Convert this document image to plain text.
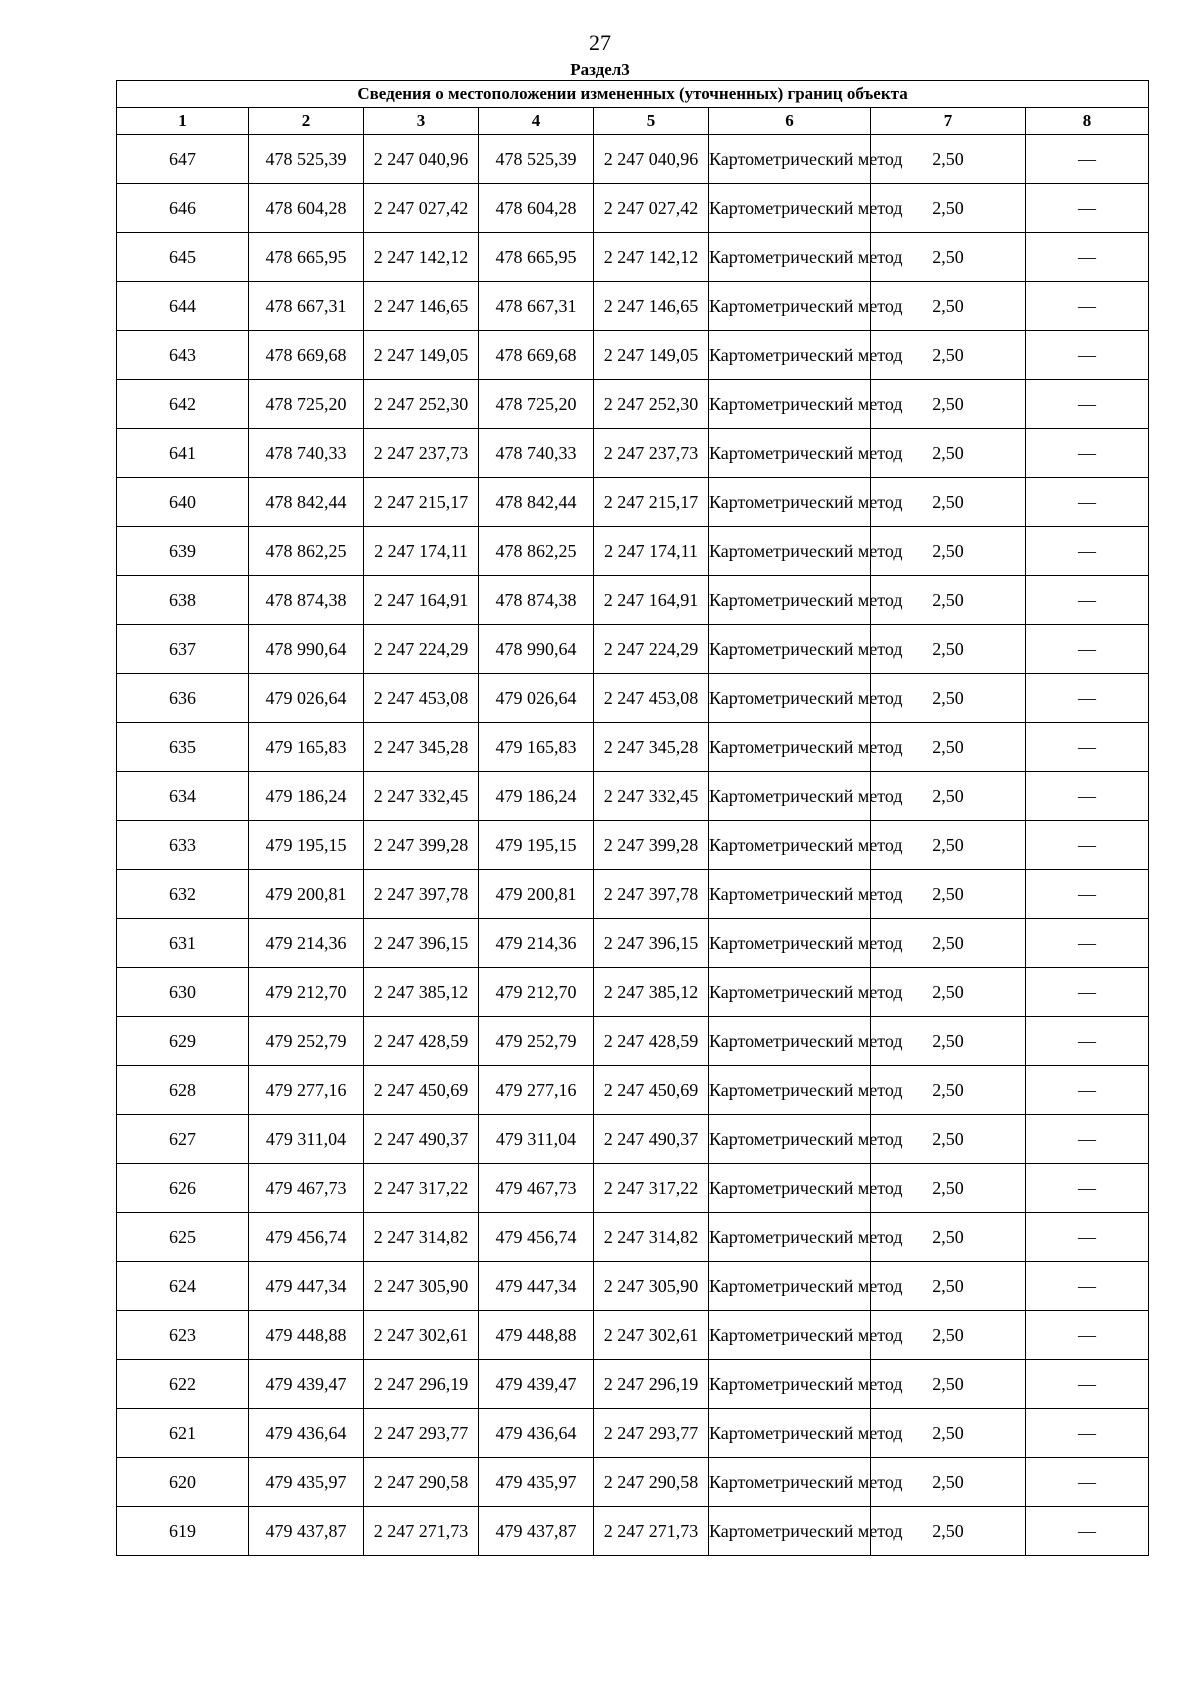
27
Раздел3
Сведения о местоположении измененных (уточненных) границ объекта							
1	2	3	4	5	6	7	8
647	478 525,39	2 247 040,96	478 525,39	2 247 040,96	Картометрический метод	2,50	—
646	478 604,28	2 247 027,42	478 604,28	2 247 027,42	Картометрический метод	2,50	—
645	478 665,95	2 247 142,12	478 665,95	2 247 142,12	Картометрический метод	2,50	—
644	478 667,31	2 247 146,65	478 667,31	2 247 146,65	Картометрический метод	2,50	—
643	478 669,68	2 247 149,05	478 669,68	2 247 149,05	Картометрический метод	2,50	—
642	478 725,20	2 247 252,30	478 725,20	2 247 252,30	Картометрический метод	2,50	—
641	478 740,33	2 247 237,73	478 740,33	2 247 237,73	Картометрический метод	2,50	—
640	478 842,44	2 247 215,17	478 842,44	2 247 215,17	Картометрический метод	2,50	—
639	478 862,25	2 247 174,11	478 862,25	2 247 174,11	Картометрический метод	2,50	—
638	478 874,38	2 247 164,91	478 874,38	2 247 164,91	Картометрический метод	2,50	—
637	478 990,64	2 247 224,29	478 990,64	2 247 224,29	Картометрический метод	2,50	—
636	479 026,64	2 247 453,08	479 026,64	2 247 453,08	Картометрический метод	2,50	—
635	479 165,83	2 247 345,28	479 165,83	2 247 345,28	Картометрический метод	2,50	—
634	479 186,24	2 247 332,45	479 186,24	2 247 332,45	Картометрический метод	2,50	—
633	479 195,15	2 247 399,28	479 195,15	2 247 399,28	Картометрический метод	2,50	—
632	479 200,81	2 247 397,78	479 200,81	2 247 397,78	Картометрический метод	2,50	—
631	479 214,36	2 247 396,15	479 214,36	2 247 396,15	Картометрический метод	2,50	—
630	479 212,70	2 247 385,12	479 212,70	2 247 385,12	Картометрический метод	2,50	—
629	479 252,79	2 247 428,59	479 252,79	2 247 428,59	Картометрический метод	2,50	—
628	479 277,16	2 247 450,69	479 277,16	2 247 450,69	Картометрический метод	2,50	—
627	479 311,04	2 247 490,37	479 311,04	2 247 490,37	Картометрический метод	2,50	—
626	479 467,73	2 247 317,22	479 467,73	2 247 317,22	Картометрический метод	2,50	—
625	479 456,74	2 247 314,82	479 456,74	2 247 314,82	Картометрический метод	2,50	—
624	479 447,34	2 247 305,90	479 447,34	2 247 305,90	Картометрический метод	2,50	—
623	479 448,88	2 247 302,61	479 448,88	2 247 302,61	Картометрический метод	2,50	—
622	479 439,47	2 247 296,19	479 439,47	2 247 296,19	Картометрический метод	2,50	—
621	479 436,64	2 247 293,77	479 436,64	2 247 293,77	Картометрический метод	2,50	—
620	479 435,97	2 247 290,58	479 435,97	2 247 290,58	Картометрический метод	2,50	—
619	479 437,87	2 247 271,73	479 437,87	2 247 271,73	Картометрический метод	2,50	—
